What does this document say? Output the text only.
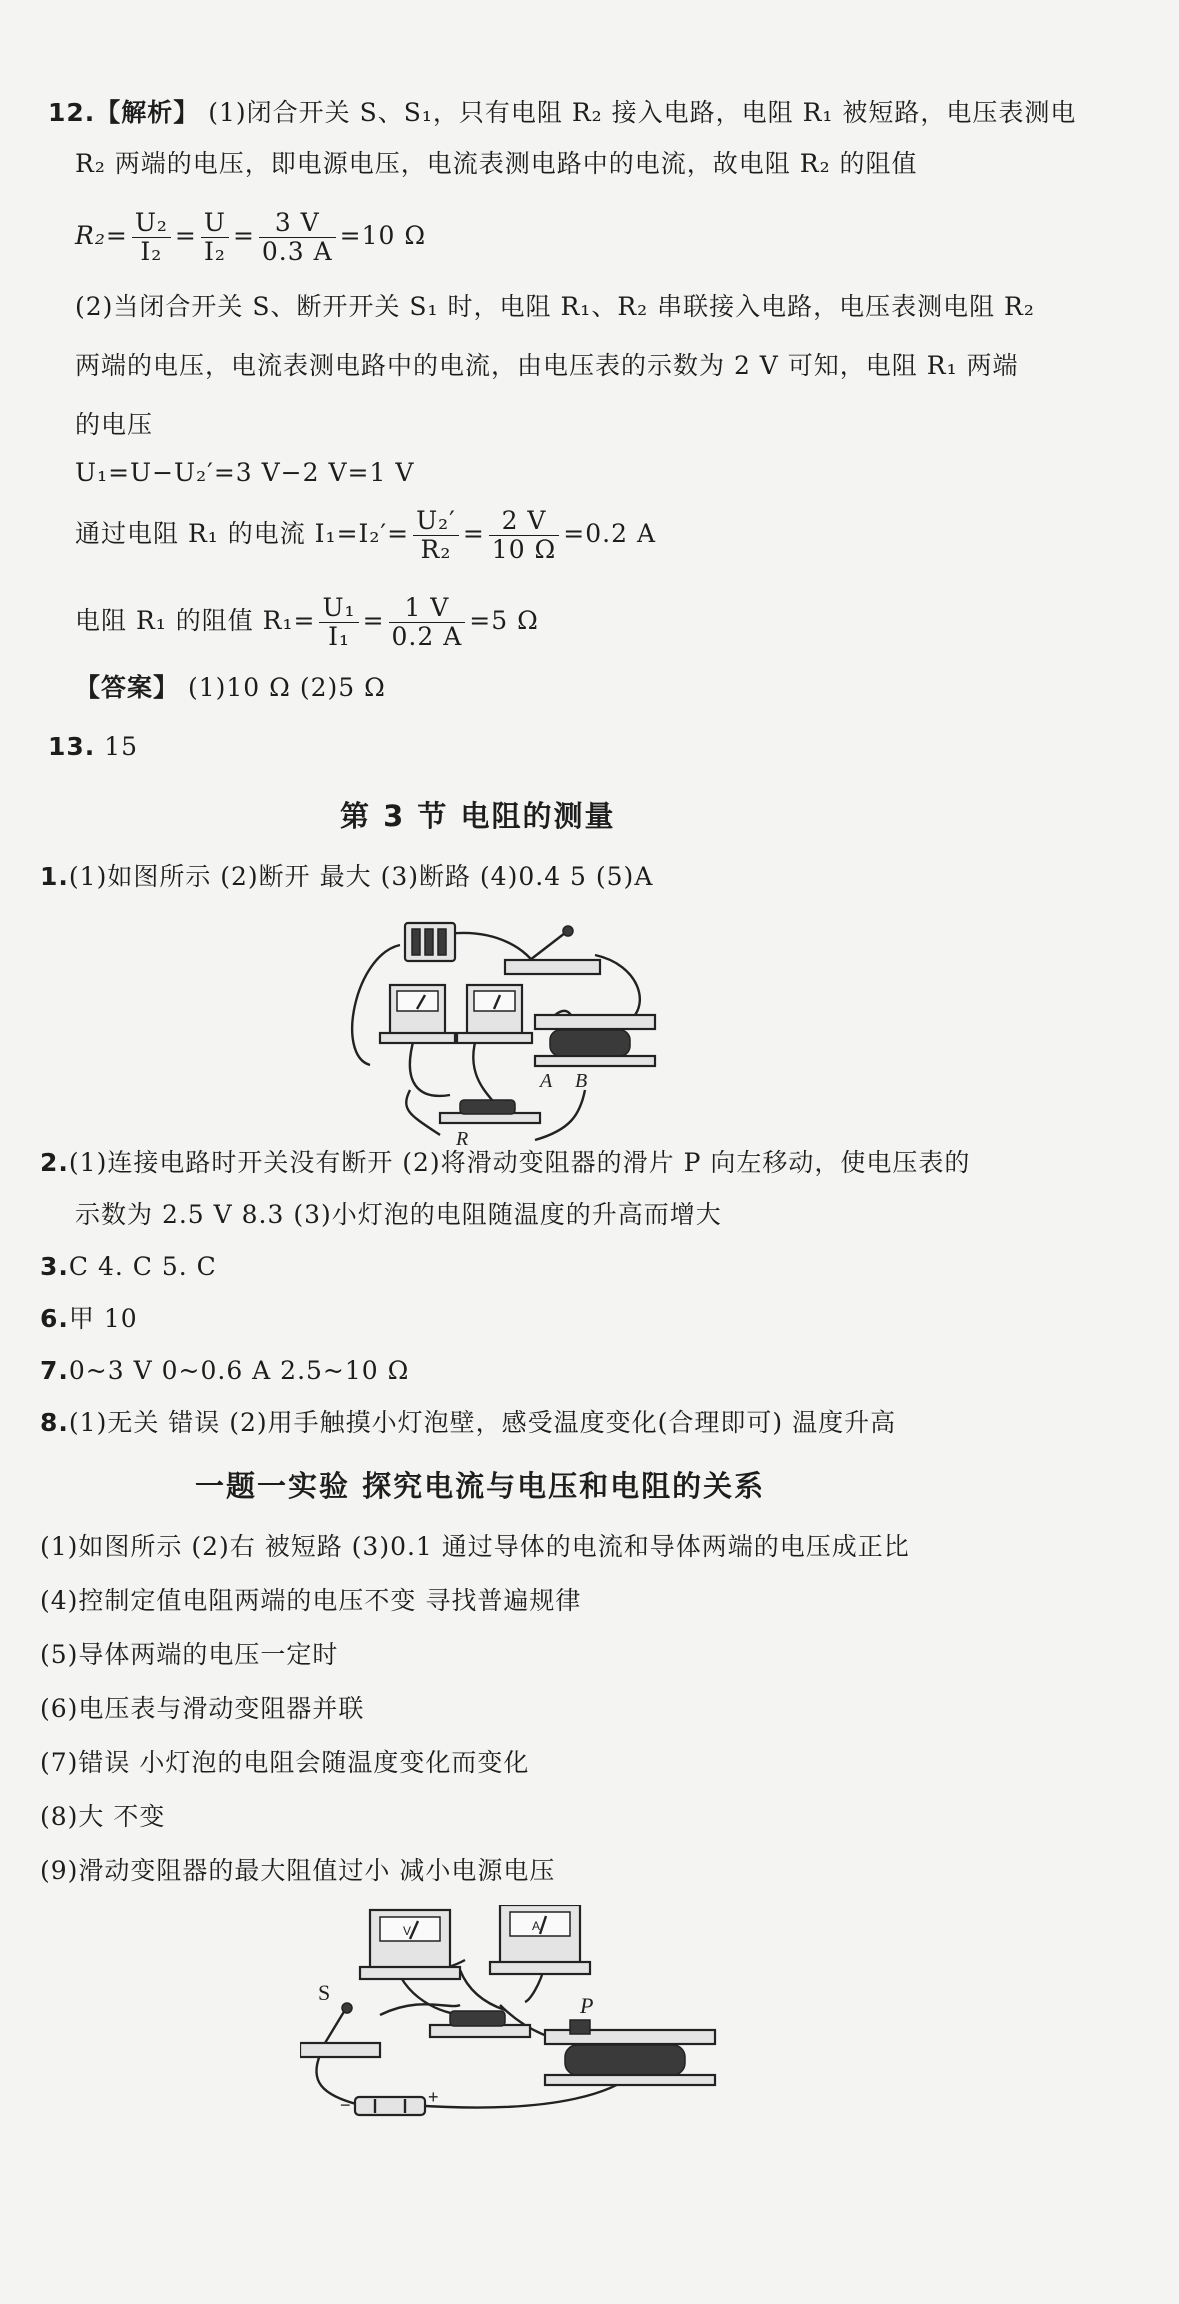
12.【解析】 (1)闭合开关 S、S₁，只有电阻 R₂ 接入电路，电阻 R₁ 被短路，电压表测电
R₂ 两端的电压，即电源电压，电流表测电路中的电流，故电阻 R₂ 的阻值
$R_2= \frac{\text{U₂}}{\text{I₂}} = \frac{U}{\text{I₂}} = \frac{3 V}{0.3 A} =10$ Ω
(2)当闭合开关 S、断开开关 S₁ 时，电阻 R₁、R₂ 串联接入电路，电压表测电阻 R₂
两端的电压，电流表测电路中的电流，由电压表的示数为 2 V 可知，电阻 R₁ 两端
的电压
U₁=U−U₂′=3 V−2 V=1 V
通过电阻 R₁ 的电流 $I_1=I_2'= \frac{\text{U₂′}}{\text{R₂}} = \frac{2 V}{10 \Omega} =0.2$ A
电阻 R₁ 的阻值 $R_1= \frac{\text{U₁}}{\text{I₁}} = \frac{1 V}{0.2 A} =5$ Ω
【答案】 (1)10 Ω (2)5 Ω
13. 15
第 3 节 电阻的测量
1.(1)如图所示 (2)断开 最大 (3)断路 (4)0.4 5 (5)A
A B
R
2.(1)连接电路时开关没有断开 (2)将滑动变阻器的滑片 P 向左移动，使电压表的
示数为 2.5 V 8.3 (3)小灯泡的电阻随温度的升高而增大
3.C 4. C 5. C
6.甲 10
7.0~3 V 0~0.6 A 2.5~10 Ω
8.(1)无关 错误 (2)用手触摸小灯泡壁，感受温度变化(合理即可) 温度升高
一题一实验 探究电流与电压和电阻的关系
(1)如图所示 (2)右 被短路 (3)0.1 通过导体的电流和导体两端的电压成正比
(4)控制定值电阻两端的电压不变 寻找普遍规律
(5)导体两端的电压一定时
(6)电压表与滑动变阻器并联
(7)错误 小灯泡的电阻会随温度变化而变化
(8)大 不变
(9)滑动变阻器的最大阻值过小 减小电源电压
V	A
S
P
−	+
